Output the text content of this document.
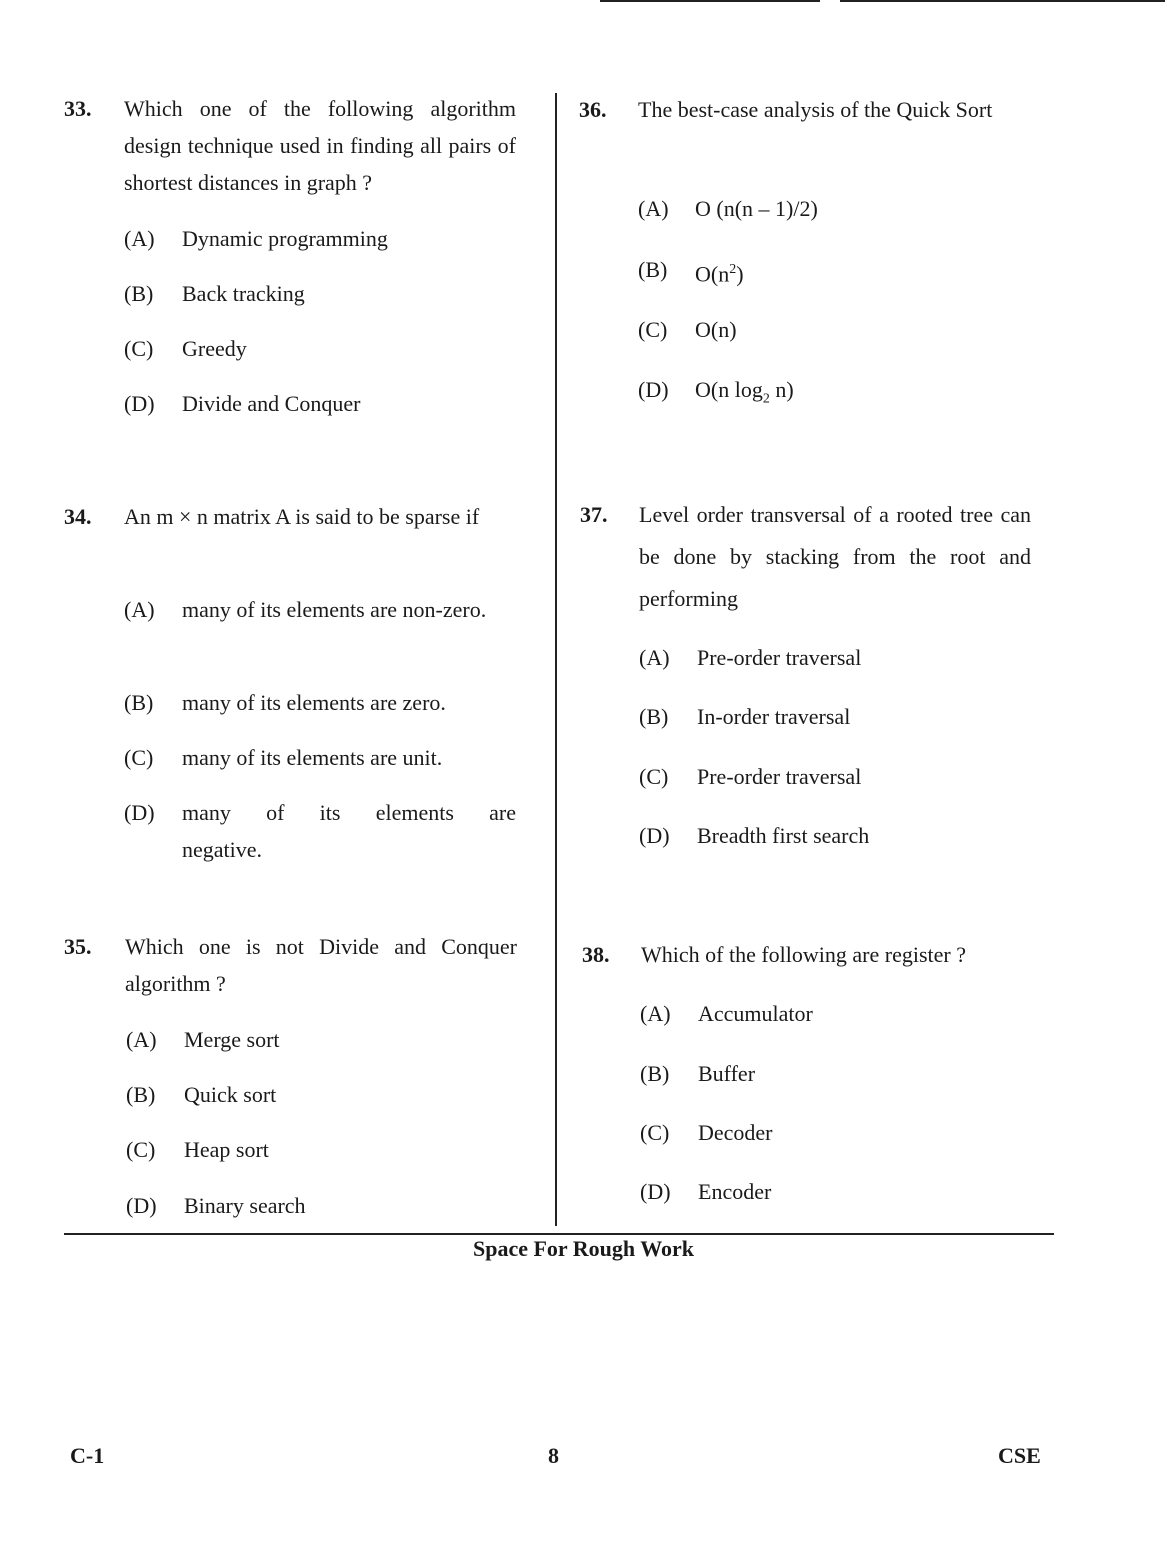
33. Which one of the following algorithm design technique used in finding all pairs of shortest distances in graph ?
(A) Dynamic programming
(B) Back tracking
(C) Greedy
(D) Divide and Conquer
34. An m × n matrix A is said to be sparse if
(A) many of its elements are non-zero.
(B) many of its elements are zero.
(C) many of its elements are unit.
(D) many of its elements are negative.
35. Which one is not Divide and Conquer algorithm ?
(A) Merge sort
(B) Quick sort
(C) Heap sort
(D) Binary search
36. The best-case analysis of the Quick Sort
(A) O (n(n – 1)/2)
(B) $O(n^2)$
(C) O(n)
(D) O(n $\log_2 n$)
37. Level order transversal of a rooted tree can be done by stacking from the root and performing
(A) Pre-order traversal
(B) In-order traversal
(C) Pre-order traversal
(D) Breadth first search
38. Which of the following are register ?
(A) Accumulator
(B) Buffer
(C) Decoder
(D) Encoder
Space For Rough Work
C-1	8	CSE
